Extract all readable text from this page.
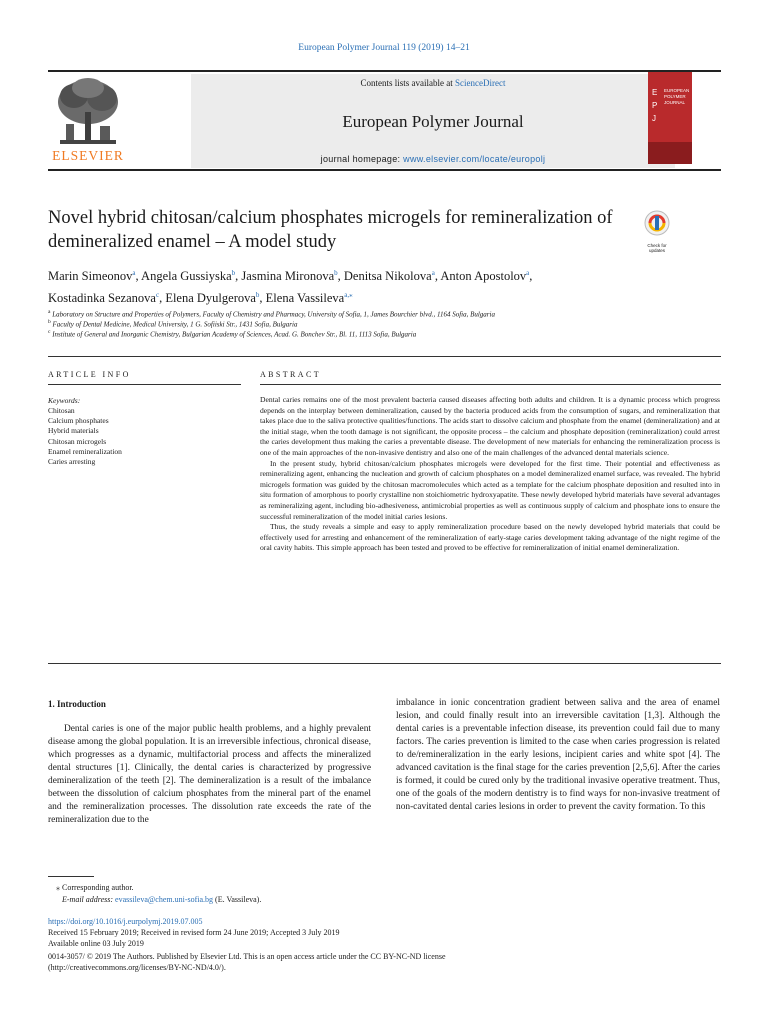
European Polymer Journal 119 (2019) 14–21
ELSEVIER
Contents lists available at ScienceDirect
European Polymer Journal
journal homepage: www.elsevier.com/locate/europolj
E
P
J
EUROPEAN POLYMER JOURNAL
Novel hybrid chitosan/calcium phosphates microgels for remineralization of demineralized enamel – A model study	Check for updates
Marin Simeonov$^a$, Angela Gussiyska$^b$, Jasmina Mironova$^b$, Denitsa Nikolova$^a$, Anton Apostolov$^a$,
Kostadinka Sezanova$^c$, Elena Dyulgerova$^b$, Elena Vassileva$^{a,⁎}$
$^a$ Laboratory on Structure and Properties of Polymers, Faculty of Chemistry and Pharmacy, University of Sofia, 1, James Bourchier blvd., 1164 Sofia, Bulgaria
$^b$ Faculty of Dental Medicine, Medical University, 1 G. Sofiiski Str., 1431 Sofia, Bulgaria
$^c$ Institute of General and Inorganic Chemistry, Bulgarian Academy of Sciences, Acad. G. Bonchev Str., Bl. 11, 1113 Sofia, Bulgaria
ARTICLE INFO	ABSTRACT
Keywords:
Chitosan
Calcium phosphates
Hybrid materials
Chitosan microgels
Enamel remineralization
Caries arresting

Dental caries remains one of the most prevalent bacteria caused diseases affecting both adults and children. It is a dynamic process which progress depends on the interplay between demineralization, caused by the bacteria produced acids from the consumption of sugars, and remineralization that takes place due to the saliva protective qualities/functions. The acids start to dissolve calcium and phosphate from the enamel (demineralization) and at the initial stage, when the tooth damage is not significant, the opposite process – the calcium and phosphate deposition (remineralization) could arrest the caries development thus making the caries a preventable disease. The development of new materials for enhancing the remineralization process is one of the main approaches of the non-invasive dentistry and also one of the main challenges of the advanced dental materials science.

In the present study, hybrid chitosan/calcium phosphates microgels were developed for the first time. Their potential and effectiveness as remineralizing agent, enhancing the nucleation and growth of calcium phosphates on a model demineralized enamel surface, was revealed. The hybrid microgels formation was guided by the chitosan macromolecules which acted as a template for the calcium phosphate deposition and resulted into in situ formation of amorphous to poorly crystalline non stoichiometric hydroxyapatite. These newly developed hybrid materials have several advantages as remineralizing agent, including bio-adhesiveness, antimicrobial properties as well as continuous supply of calcium and phosphate ions to ensure the successful remineralization of the model initial caries lesions.

Thus, the study reveals a simple and easy to apply remineralization procedure based on the newly developed hybrid materials that could be effectively used for arresting and enhancement of the remineralization of early-stage caries development taking advantage of the night regime of the oral cavity habits. This simple approach has been tested and proved to be effective for remineralization of initial enamel demineralization.

1. Introduction

Dental caries is one of the major public health problems, and a highly prevalent disease among the global population. It is an irreversible infectious, chronical disease, which progresses as a dynamic, multifactorial process and affects the mineralized dental structures [1]. Clinically, the dental caries is characterized by progressive demineralization of the teeth [2]. The demineralization is a result of the imbalance between the dissolution of calcium phosphates from the mineral part of the enamel and the remineralization processes. The dissolution rate exceeds the rate of the remineralization due to the

imbalance in ionic concentration gradient between saliva and the area of enamel lesion, and could finally result into an irreversible cavitation [1,3]. Although the dental caries is a preventable infection disease, its prevention could fail due to many factors. The caries prevention is limited to the case when caries progression is related to de/remineralization in the early lesions, incipient caries and white spot [4]. The advanced cavitation is the final stage for the caries prevention [2,5,6]. After the caries is formed, it could be cured only by the traditional invasive operative treatment. Thus, one of the goals of the modern dentistry is to find ways for non-invasive treatment of non-cavitated dental caries lesions in order to prevent the cavity formation. To this

⁎ Corresponding author.
E-mail address: evassileva@chem.uni-sofia.bg (E. Vassileva).
https://doi.org/10.1016/j.eurpolymj.2019.07.005
Received 15 February 2019; Received in revised form 24 June 2019; Accepted 3 July 2019
Available online 03 July 2019
0014-3057/ © 2019 The Authors. Published by Elsevier Ltd. This is an open access article under the CC BY-NC-ND license
(http://creativecommons.org/licenses/BY-NC-ND/4.0/).
